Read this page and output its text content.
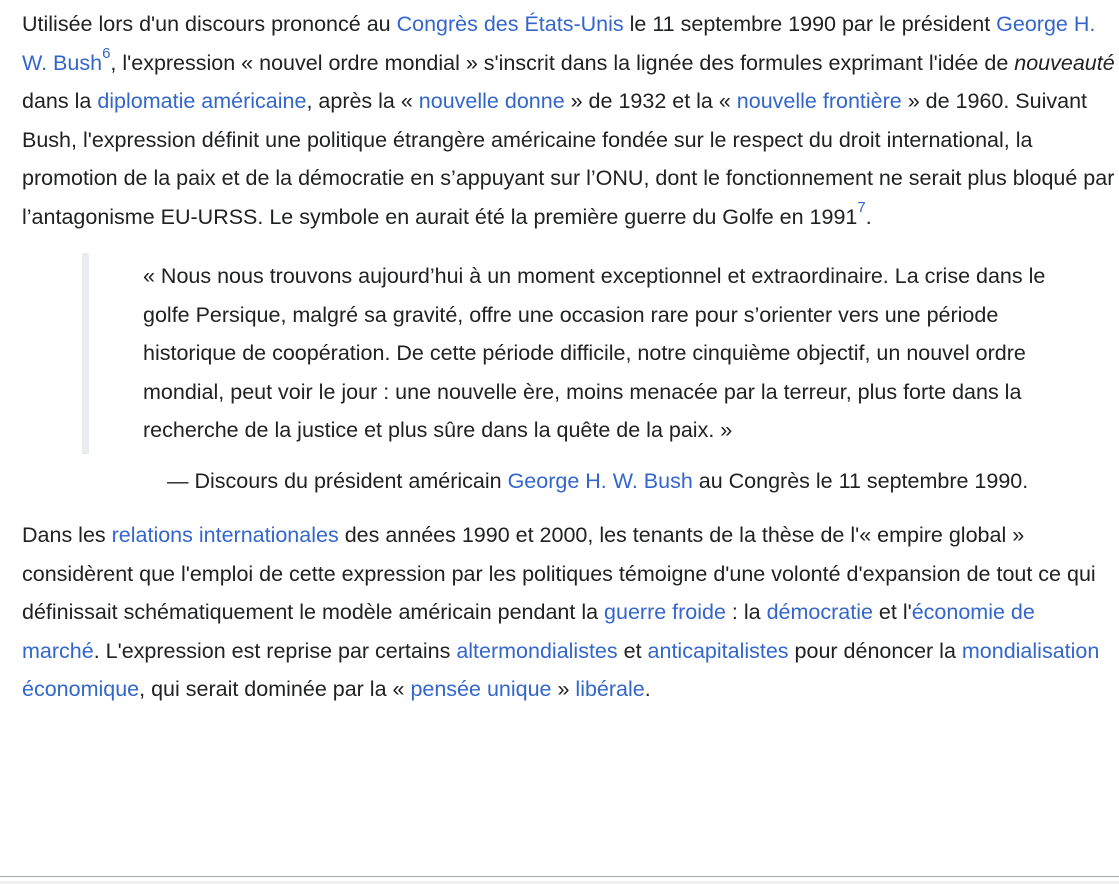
Utilisée lors d'un discours prononcé au Congrès des États-Unis le 11 septembre 1990 par le président George H. W. Bush$^6$, l'expression « nouvel ordre mondial » s'inscrit dans la lignée des formules exprimant l'idée de nouveauté dans la diplomatie américaine, après la « nouvelle donne » de 1932 et la « nouvelle frontière » de 1960. Suivant Bush, l'expression définit une politique étrangère américaine fondée sur le respect du droit international, la promotion de la paix et de la démocratie en s’appuyant sur l’ONU, dont le fonctionnement ne serait plus bloqué par l’antagonisme EU-URSS. Le symbole en aurait été la première guerre du Golfe en 1991$^7$.

« Nous nous trouvons aujourd’hui à un moment exceptionnel et extraordinaire. La crise dans le golfe Persique, malgré sa gravité, offre une occasion rare pour s’orienter vers une période historique de coopération. De cette période difficile, notre cinquième objectif, un nouvel ordre mondial, peut voir le jour : une nouvelle ère, moins menacée par la terreur, plus forte dans la recherche de la justice et plus sûre dans la quête de la paix. »

— Discours du président américain George H. W. Bush au Congrès le 11 septembre 1990.

Dans les relations internationales des années 1990 et 2000, les tenants de la thèse de l'« empire global » considèrent que l'emploi de cette expression par les politiques témoigne d'une volonté d'expansion de tout ce qui définissait schématiquement le modèle américain pendant la guerre froide : la démocratie et l'économie de marché. L'expression est reprise par certains altermondialistes et anticapitalistes pour dénoncer la mondialisation économique, qui serait dominée par la « pensée unique » libérale.
